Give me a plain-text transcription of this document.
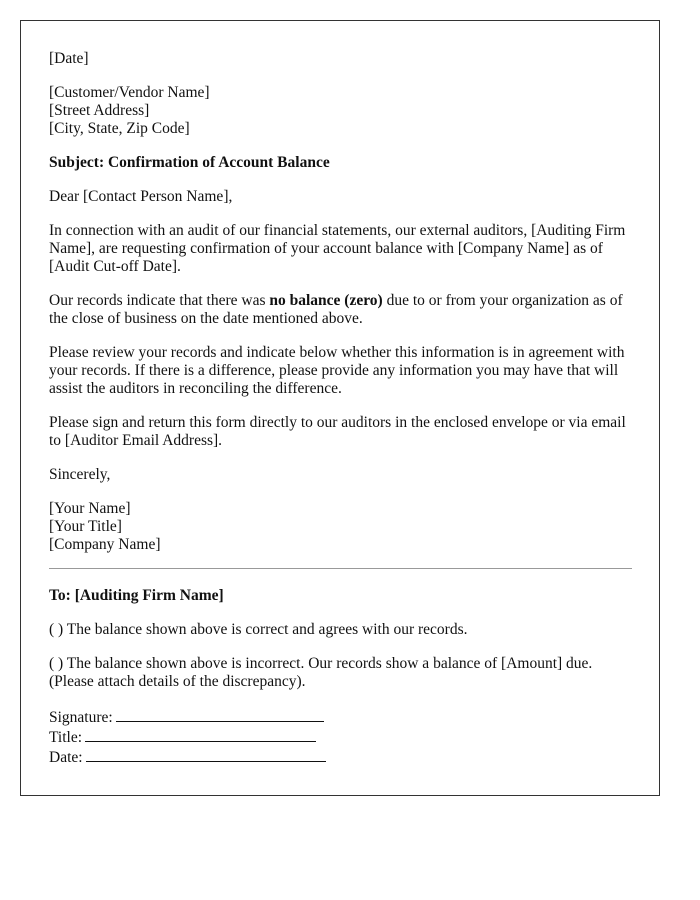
[Date]

[Customer/Vendor Name]
[Street Address]
[City, State, Zip Code]

Subject: Confirmation of Account Balance

Dear [Contact Person Name],

In connection with an audit of our financial statements, our external auditors, [Auditing Firm Name], are requesting confirmation of your account balance with [Company Name] as of [Audit Cut-off Date].

Our records indicate that there was no balance (zero) due to or from your organization as of the close of business on the date mentioned above.

Please review your records and indicate below whether this information is in agreement with your records. If there is a difference, please provide any information you may have that will assist the auditors in reconciling the difference.

Please sign and return this form directly to our auditors in the enclosed envelope or via email to [Auditor Email Address].

Sincerely,

[Your Name]
[Your Title]
[Company Name]

To: [Auditing Firm Name]

( ) The balance shown above is correct and agrees with our records.

( ) The balance shown above is incorrect. Our records show a balance of [Amount] due. (Please attach details of the discrepancy).

Signature:
Title:
Date:
